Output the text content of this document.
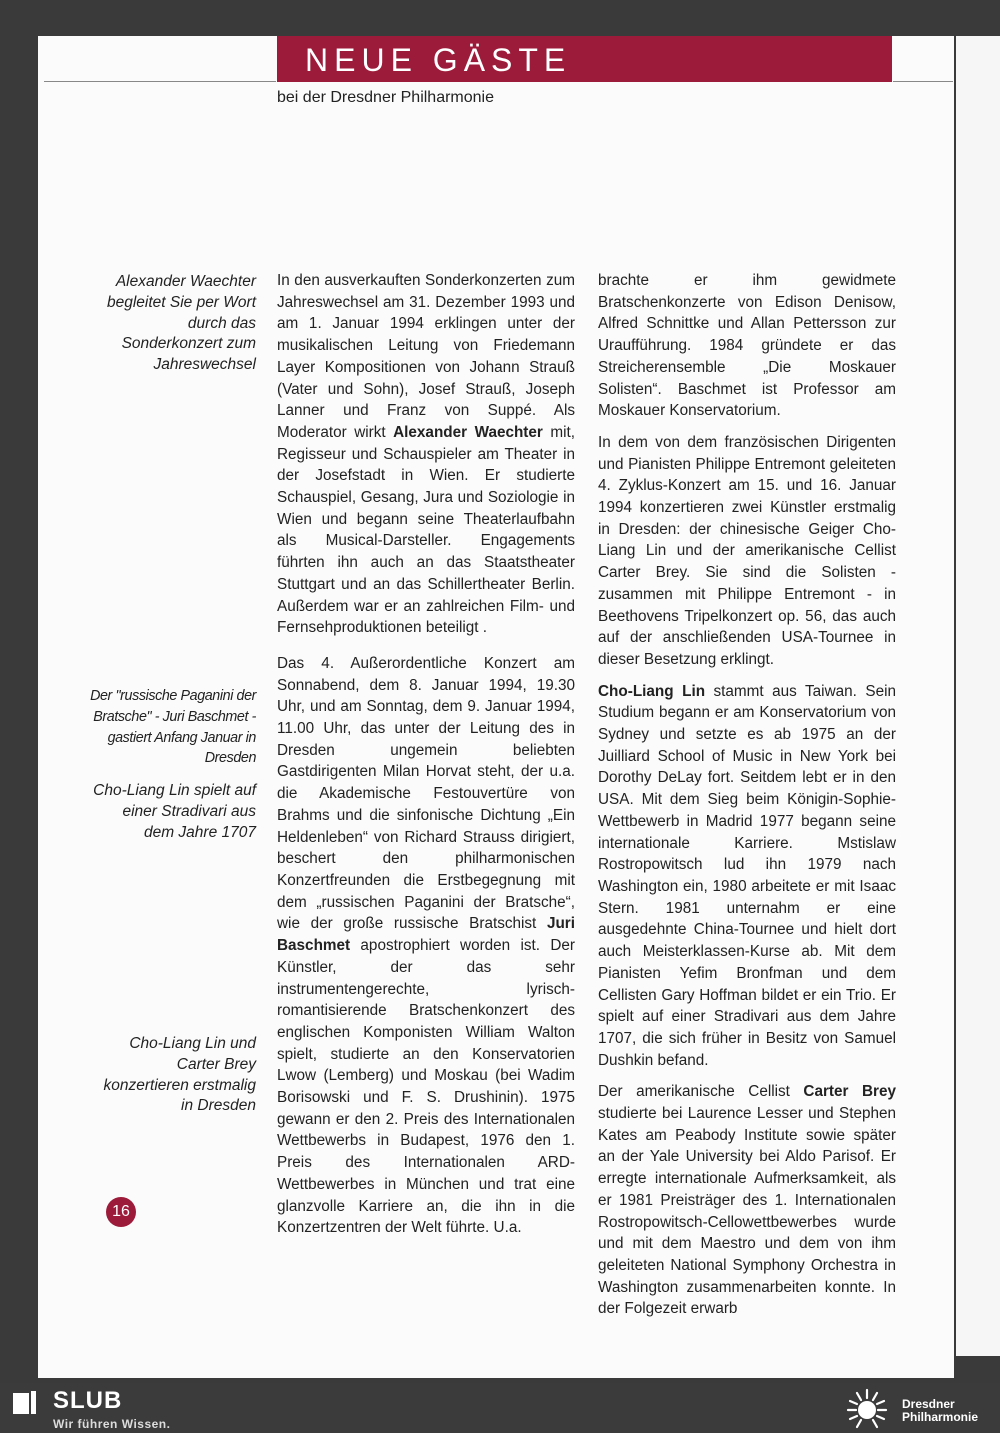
NEUE GÄSTE
bei der Dresdner Philharmonie
Alexander Waechter begleitet Sie per Wort durch das Sonderkonzert zum Jahreswechsel
Der "russische Paganini der Bratsche" - Juri Baschmet - gastiert Anfang Januar in Dresden
Cho-Liang Lin spielt auf einer Stradivari aus dem Jahre 1707
Cho-Liang Lin und Carter Brey konzertieren erstmalig in Dresden

In den ausverkauften Sonderkonzerten zum Jahreswechsel am 31. Dezember 1993 und am 1. Januar 1994 erklingen unter der musikalischen Leitung von Friedemann Layer Kompositionen von Johann Strauß (Vater und Sohn), Josef Strauß, Joseph Lanner und Franz von Suppé. Als Moderator wirkt Alexander Waechter mit, Regisseur und Schauspieler am Theater in der Josefstadt in Wien. Er studierte Schauspiel, Gesang, Jura und Soziologie in Wien und begann seine Theaterlaufbahn als Musical-Darsteller. Engagements führten ihn auch an das Staatstheater Stuttgart und an das Schillertheater Berlin. Außerdem war er an zahlreichen Film- und Fernsehproduktionen beteiligt .

Das 4. Außerordentliche Konzert am Sonnabend, dem 8. Januar 1994, 19.30 Uhr, und am Sonntag, dem 9. Januar 1994, 11.00 Uhr, das unter der Leitung des in Dresden ungemein beliebten Gastdirigenten Milan Horvat steht, der u.a. die Akademische Festouvertüre von Brahms und die sinfonische Dichtung „Ein Heldenleben“ von Richard Strauss dirigiert, beschert den philharmonischen Konzertfreunden die Erstbegegnung mit dem „russischen Paganini der Bratsche“, wie der große russische Bratschist Juri Baschmet apostrophiert worden ist. Der Künstler, der das sehr instrumentengerechte, lyrisch-romantisierende Bratschenkonzert des englischen Komponisten William Walton spielt, studierte an den Konservatorien Lwow (Lemberg) und Moskau (bei Wadim Borisowski und F. S. Drushinin). 1975 gewann er den 2. Preis des Internationalen Wettbewerbs in Budapest, 1976 den 1. Preis des Internationalen ARD-Wettbewerbes in München und trat eine glanzvolle Karriere an, die ihn in die Konzertzentren der Welt führte. U.a.

brachte er ihm gewidmete Bratschenkonzerte von Edison Denisow, Alfred Schnittke und Allan Pettersson zur Uraufführung. 1984 gründete er das Streicherensemble „Die Moskauer Solisten“. Baschmet ist Professor am Moskauer Konservatorium.

In dem von dem französischen Dirigenten und Pianisten Philippe Entremont geleiteten 4. Zyklus-Konzert am 15. und 16. Januar 1994 konzertieren zwei Künstler erstmalig in Dresden: der chinesische Geiger Cho-Liang Lin und der amerikanische Cellist Carter Brey. Sie sind die Solisten - zusammen mit Philippe Entremont - in Beethovens Tripelkonzert op. 56, das auch auf der anschließenden USA-Tournee in dieser Besetzung erklingt.

Cho-Liang Lin stammt aus Taiwan. Sein Studium begann er am Konservatorium von Sydney und setzte es ab 1975 an der Juilliard School of Music in New York bei Dorothy DeLay fort. Seitdem lebt er in den USA. Mit dem Sieg beim Königin-Sophie-Wettbewerb in Madrid 1977 begann seine internationale Karriere. Mstislaw Rostropowitsch lud ihn 1979 nach Washington ein, 1980 arbeitete er mit Isaac Stern. 1981 unternahm er eine ausgedehnte China-Tournee und hielt dort auch Meisterklassen-Kurse ab. Mit dem Pianisten Yefim Bronfman und dem Cellisten Gary Hoffman bildet er ein Trio. Er spielt auf einer Stradivari aus dem Jahre 1707, die sich früher in Besitz von Samuel Dushkin befand.

Der amerikanische Cellist Carter Brey studierte bei Laurence Lesser und Stephen Kates am Peabody Institute sowie später an der Yale University bei Aldo Parisof. Er erregte internationale Aufmerksamkeit, als er 1981 Preisträger des 1. Internationalen Rostropowitsch-Cellowettbewerbes wurde und mit dem Maestro und dem von ihm geleiteten National Symphony Orchestra in Washington zusammenarbeiten konnte. In der Folgezeit erwarb

16
SLUB
Wir führen Wissen.
Dresdner
Philharmonie
